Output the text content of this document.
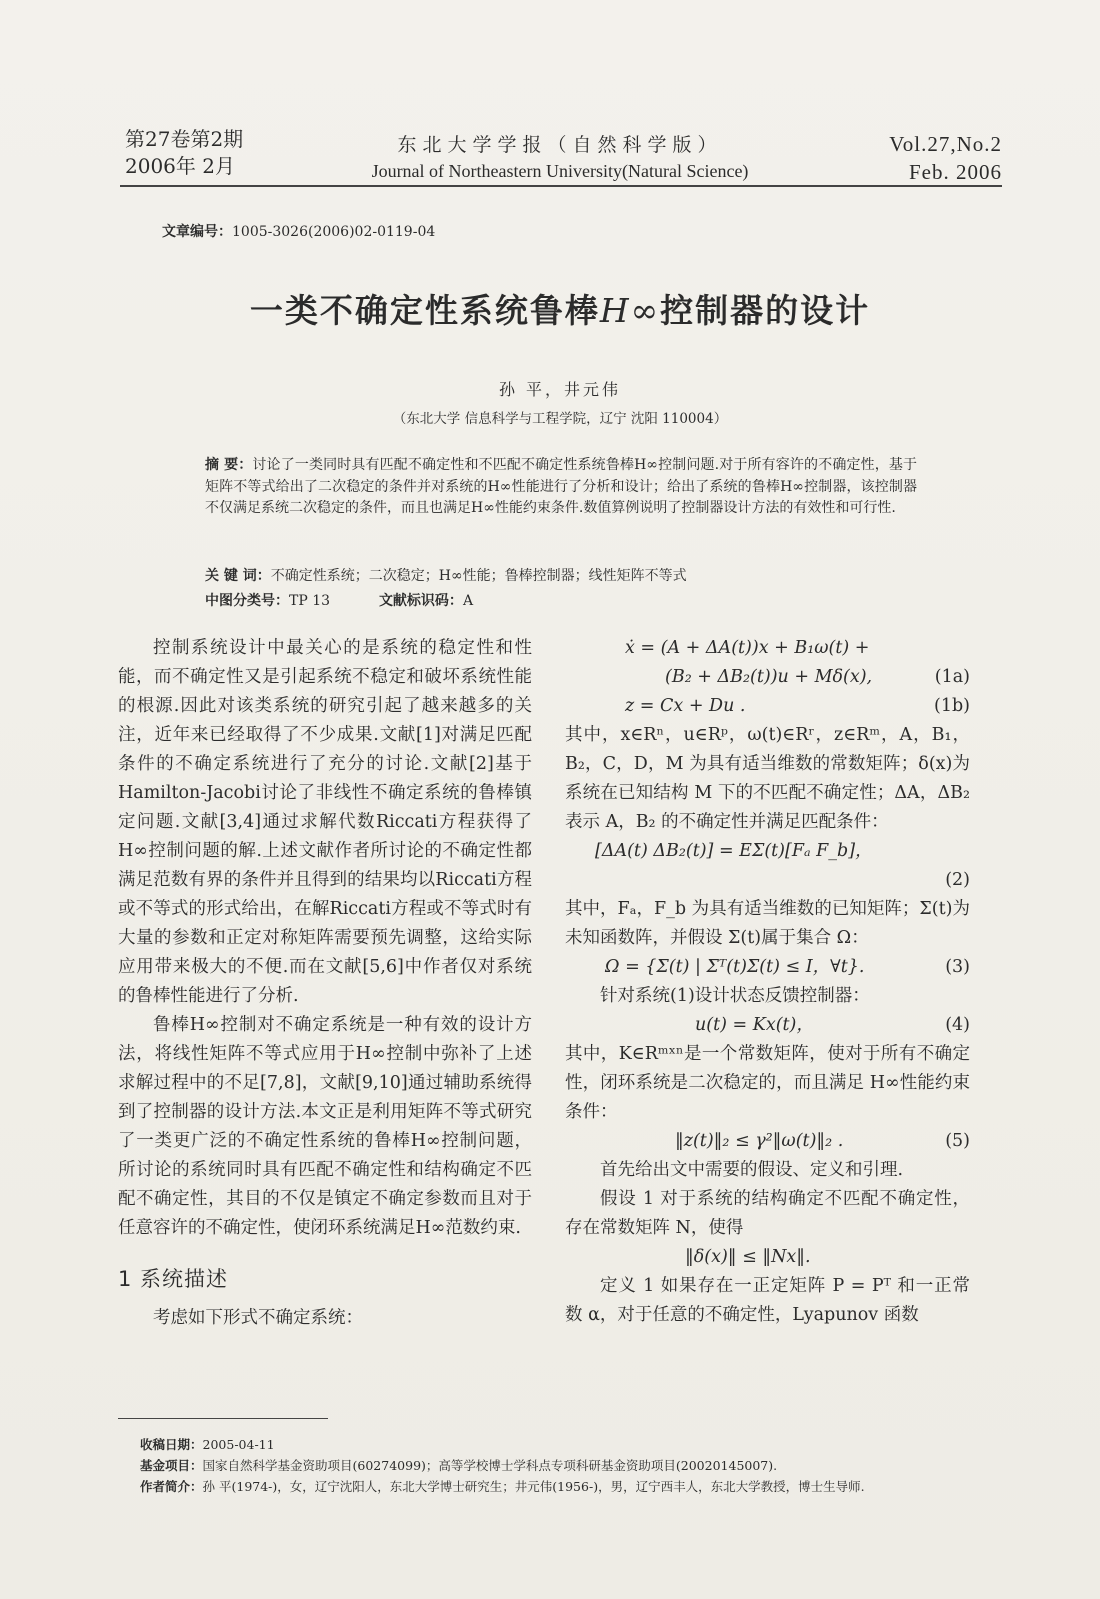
第27卷第2期
2006年 2月
东北大学学报（自然科学版）
Journal of Northeastern University(Natural Science)
Vol.27,No.2
Feb. 2006
文章编号：1005-3026(2006)02-0119-04
一类不确定性系统鲁棒H∞控制器的设计
孙 平，井元伟
（东北大学 信息科学与工程学院，辽宁 沈阳 110004）
摘 要：讨论了一类同时具有匹配不确定性和不匹配不确定性系统鲁棒H∞控制问题.对于所有容许的不确定性，基于矩阵不等式给出了二次稳定的条件并对系统的H∞性能进行了分析和设计；给出了系统的鲁棒H∞控制器，该控制器不仅满足系统二次稳定的条件，而且也满足H∞性能约束条件.数值算例说明了控制器设计方法的有效性和可行性.
关 键 词：不确定性系统；二次稳定；H∞性能；鲁棒控制器；线性矩阵不等式
中图分类号：TP 13	文献标识码：A

控制系统设计中最关心的是系统的稳定性和性能，而不确定性又是引起系统不稳定和破坏系统性能的根源.因此对该类系统的研究引起了越来越多的关注，近年来已经取得了不少成果.文献[1]对满足匹配条件的不确定系统进行了充分的讨论.文献[2]基于Hamilton-Jacobi讨论了非线性不确定系统的鲁棒镇定问题.文献[3,4]通过求解代数Riccati方程获得了H∞控制问题的解.上述文献作者所讨论的不确定性都满足范数有界的条件并且得到的结果均以Riccati方程或不等式的形式给出，在解Riccati方程或不等式时有大量的参数和正定对称矩阵需要预先调整，这给实际应用带来极大的不便.而在文献[5,6]中作者仅对系统的鲁棒性能进行了分析.

鲁棒H∞控制对不确定系统是一种有效的设计方法，将线性矩阵不等式应用于H∞控制中弥补了上述求解过程中的不足[7,8]，文献[9,10]通过辅助系统得到了控制器的设计方法.本文正是利用矩阵不等式研究了一类更广泛的不确定性系统的鲁棒H∞控制问题，所讨论的系统同时具有匹配不确定性和结构确定不匹配不确定性，其目的不仅是镇定不确定参数而且对于任意容许的不确定性，使闭环系统满足H∞范数约束.

1 系统描述

考虑如下形式不确定系统：

ẋ = (A + ΔA(t))x + B₁ω(t) +
(B₂ + ΔB₂(t))u + Mδ(x),	(1a)
z = Cx + Du .	(1b)
其中，x∈Rⁿ，u∈Rᵖ，ω(t)∈Rʳ，z∈Rᵐ，A，B₁，B₂，C，D，M 为具有适当维数的常数矩阵；δ(x)为系统在已知结构 M 下的不匹配不确定性；ΔA，ΔB₂ 表示 A，B₂ 的不确定性并满足匹配条件：
[ΔA(t) ΔB₂(t)] = EΣ(t)[Fₐ F_b]，
(2)
其中，Fₐ，F_b 为具有适当维数的已知矩阵；Σ(t)为未知函数阵，并假设 Σ(t)属于集合 Ω：
Ω = {Σ(t) | Σᵀ(t)Σ(t) ≤ I，∀t}.	(3)

针对系统(1)设计状态反馈控制器：

u(t) = Kx(t)，	(4)
其中，K∈Rᵐˣⁿ是一个常数矩阵，使对于所有不确定性，闭环系统是二次稳定的，而且满足 H∞性能约束条件：
‖z(t)‖₂ ≤ γ²‖ω(t)‖₂ .	(5)

首先给出文中需要的假设、定义和引理.

假设 1 对于系统的结构确定不匹配不确定性，存在常数矩阵 N，使得

‖δ(x)‖ ≤ ‖Nx‖.

定义 1 如果存在一正定矩阵 P = Pᵀ 和一正常数 α，对于任意的不确定性，Lyapunov 函数

收稿日期：2005-04-11
基金项目：国家自然科学基金资助项目(60274099)；高等学校博士学科点专项科研基金资助项目(20020145007).
作者简介：孙 平(1974-)，女，辽宁沈阳人，东北大学博士研究生；井元伟(1956-)，男，辽宁西丰人，东北大学教授，博士生导师.
